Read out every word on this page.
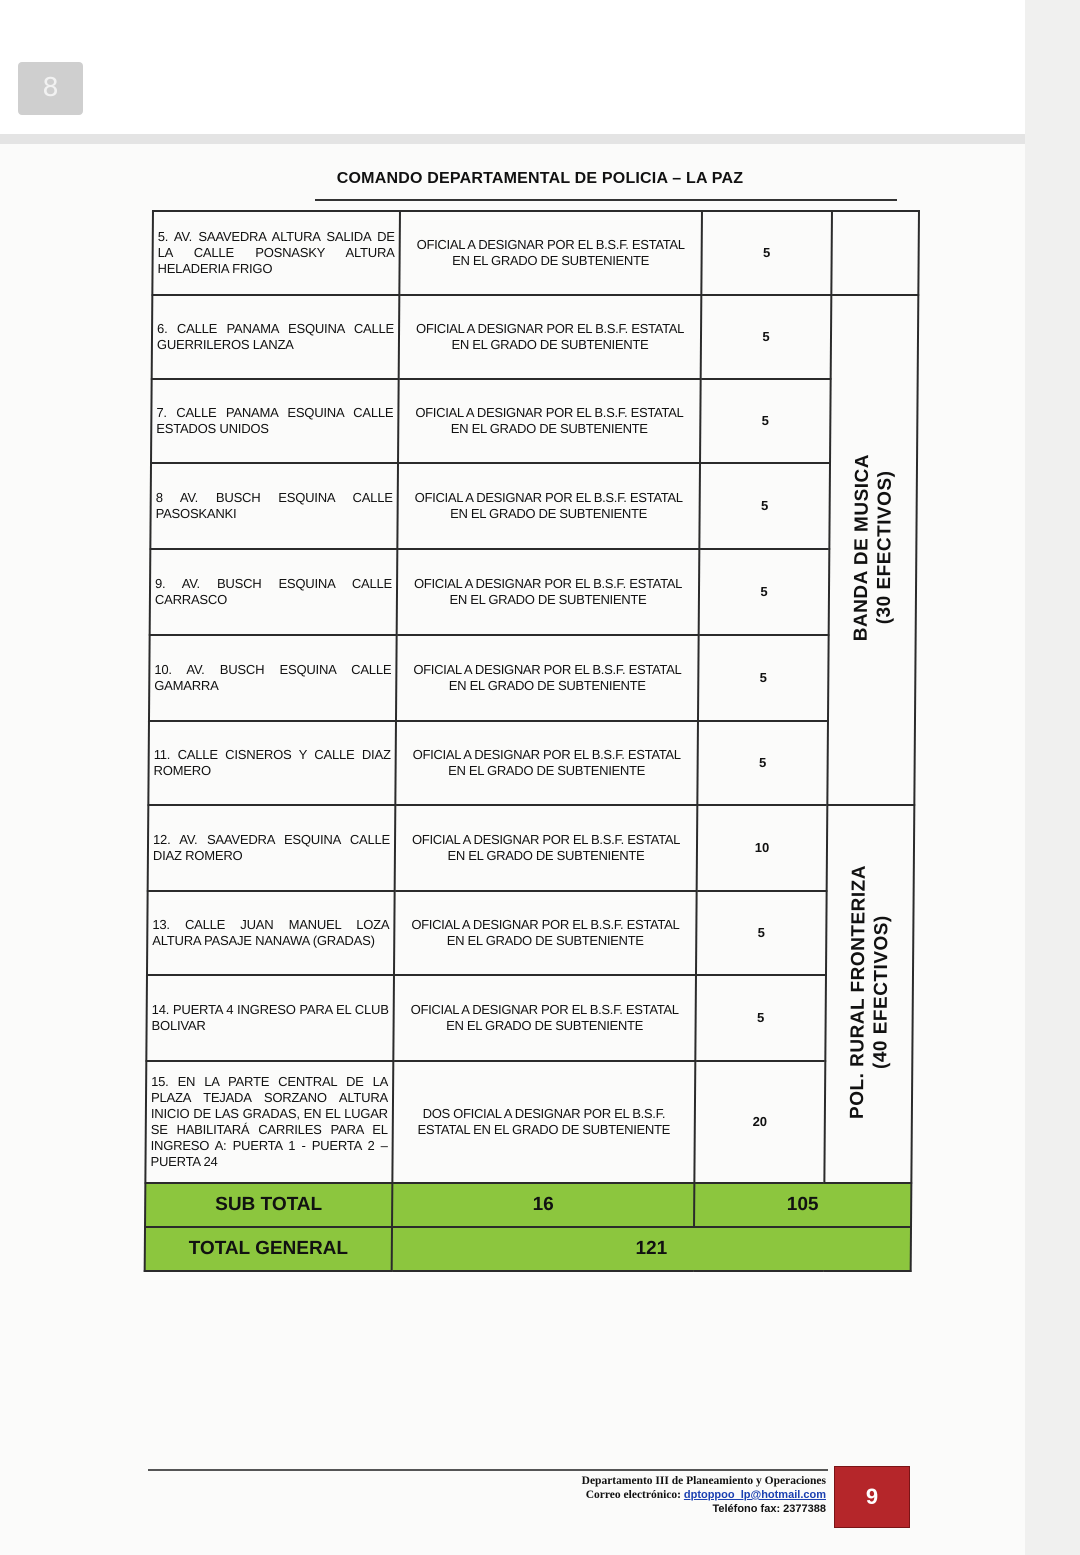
8
COMANDO DEPARTAMENTAL DE POLICIA – LA PAZ
5. AV. SAAVEDRA ALTURA SALIDA DE LA CALLE POSNASKY ALTURA HELADERIA FRIGO	OFICIAL A DESIGNAR POR EL B.S.F. ESTATAL EN EL GRADO DE SUBTENIENTE	5	
6. CALLE PANAMA ESQUINA CALLE GUERRILEROS LANZA	OFICIAL A DESIGNAR POR EL B.S.F. ESTATAL EN EL GRADO DE SUBTENIENTE	5	BANDA DE MUSICA
(30 EFECTIVOS)
7. CALLE PANAMA ESQUINA CALLE ESTADOS UNIDOS	OFICIAL A DESIGNAR POR EL B.S.F. ESTATAL EN EL GRADO DE SUBTENIENTE	5	
8 AV. BUSCH ESQUINA CALLE PASOSKANKI	OFICIAL A DESIGNAR POR EL B.S.F. ESTATAL EN EL GRADO DE SUBTENIENTE	5	
9. AV. BUSCH ESQUINA CALLE CARRASCO	OFICIAL A DESIGNAR POR EL B.S.F. ESTATAL EN EL GRADO DE SUBTENIENTE	5	
10. AV. BUSCH ESQUINA CALLE GAMARRA	OFICIAL A DESIGNAR POR EL B.S.F. ESTATAL EN EL GRADO DE SUBTENIENTE	5	
11. CALLE CISNEROS Y CALLE DIAZ ROMERO	OFICIAL A DESIGNAR POR EL B.S.F. ESTATAL EN EL GRADO DE SUBTENIENTE	5	
12. AV. SAAVEDRA ESQUINA CALLE DIAZ ROMERO	OFICIAL A DESIGNAR POR EL B.S.F. ESTATAL EN EL GRADO DE SUBTENIENTE	10	POL. RURAL FRONTERIZA
(40 EFECTIVOS)
13. CALLE JUAN MANUEL LOZA ALTURA PASAJE NANAWA (GRADAS)	OFICIAL A DESIGNAR POR EL B.S.F. ESTATAL EN EL GRADO DE SUBTENIENTE	5	
14. PUERTA 4 INGRESO PARA EL CLUB BOLIVAR	OFICIAL A DESIGNAR POR EL B.S.F. ESTATAL EN EL GRADO DE SUBTENIENTE	5	
15. EN LA PARTE CENTRAL DE LA PLAZA TEJADA SORZANO ALTURA INICIO DE LAS GRADAS, EN EL LUGAR SE HABILITARÁ CARRILES PARA EL INGRESO A: PUERTA 1 - PUERTA 2 – PUERTA 24	DOS OFICIAL A DESIGNAR POR EL B.S.F. ESTATAL EN EL GRADO DE SUBTENIENTE	20	
SUB TOTAL	16	105	
TOTAL GENERAL	121		
Departamento III de Planeamiento y Operaciones
Correo electrónico: dptoppoo_lp@hotmail.com
Teléfono fax: 2377388	9
